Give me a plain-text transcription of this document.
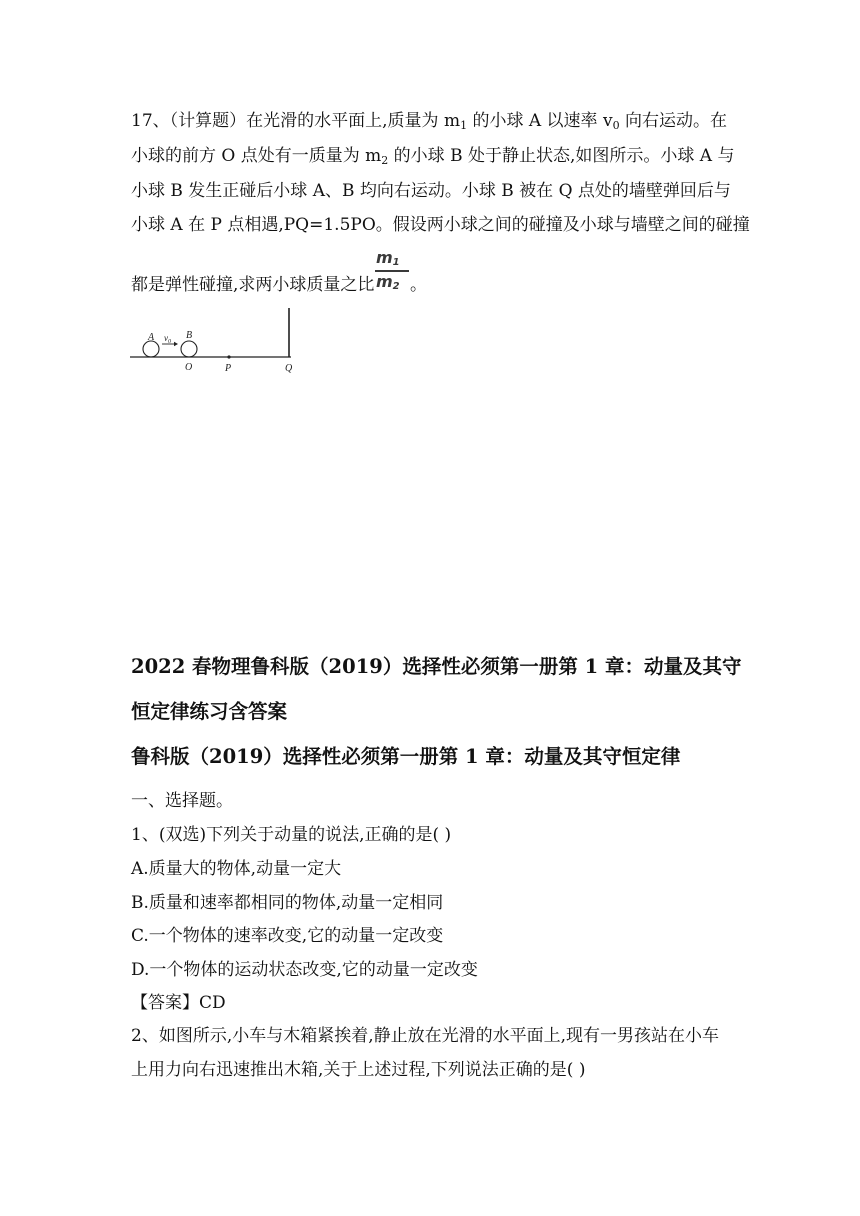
17、（计算题）在光滑的水平面上,质量为 $m_1$ 的小球 A 以速率 $v_0$ 向右运动。在
小球的前方 O 点处有一质量为 $m_2$ 的小球 B 处于静止状态,如图所示。小球 A 与
小球 B 发生正碰后小球 A、B 均向右运动。小球 B 被在 Q 点处的墙壁弹回后与
小球 A 在 P 点相遇,PQ=1.5PO。假设两小球之间的碰撞及小球与墙壁之间的碰撞
都是弹性碰撞,求两小球质量之比
$m_1$
$m_2$ 。
A $v_0$
B
O	P	Q
2022 春物理鲁科版（2019）选择性必须第一册第 1 章：动量及其守
恒定律练习含答案
鲁科版（2019）选择性必须第一册第 1 章：动量及其守恒定律
一、选择题。
1、(双选)下列关于动量的说法,正确的是( )
A.质量大的物体,动量一定大
B.质量和速率都相同的物体,动量一定相同
C.一个物体的速率改变,它的动量一定改变
D.一个物体的运动状态改变,它的动量一定改变
【答案】CD
2、如图所示,小车与木箱紧挨着,静止放在光滑的水平面上,现有一男孩站在小车
上用力向右迅速推出木箱,关于上述过程,下列说法正确的是( )
